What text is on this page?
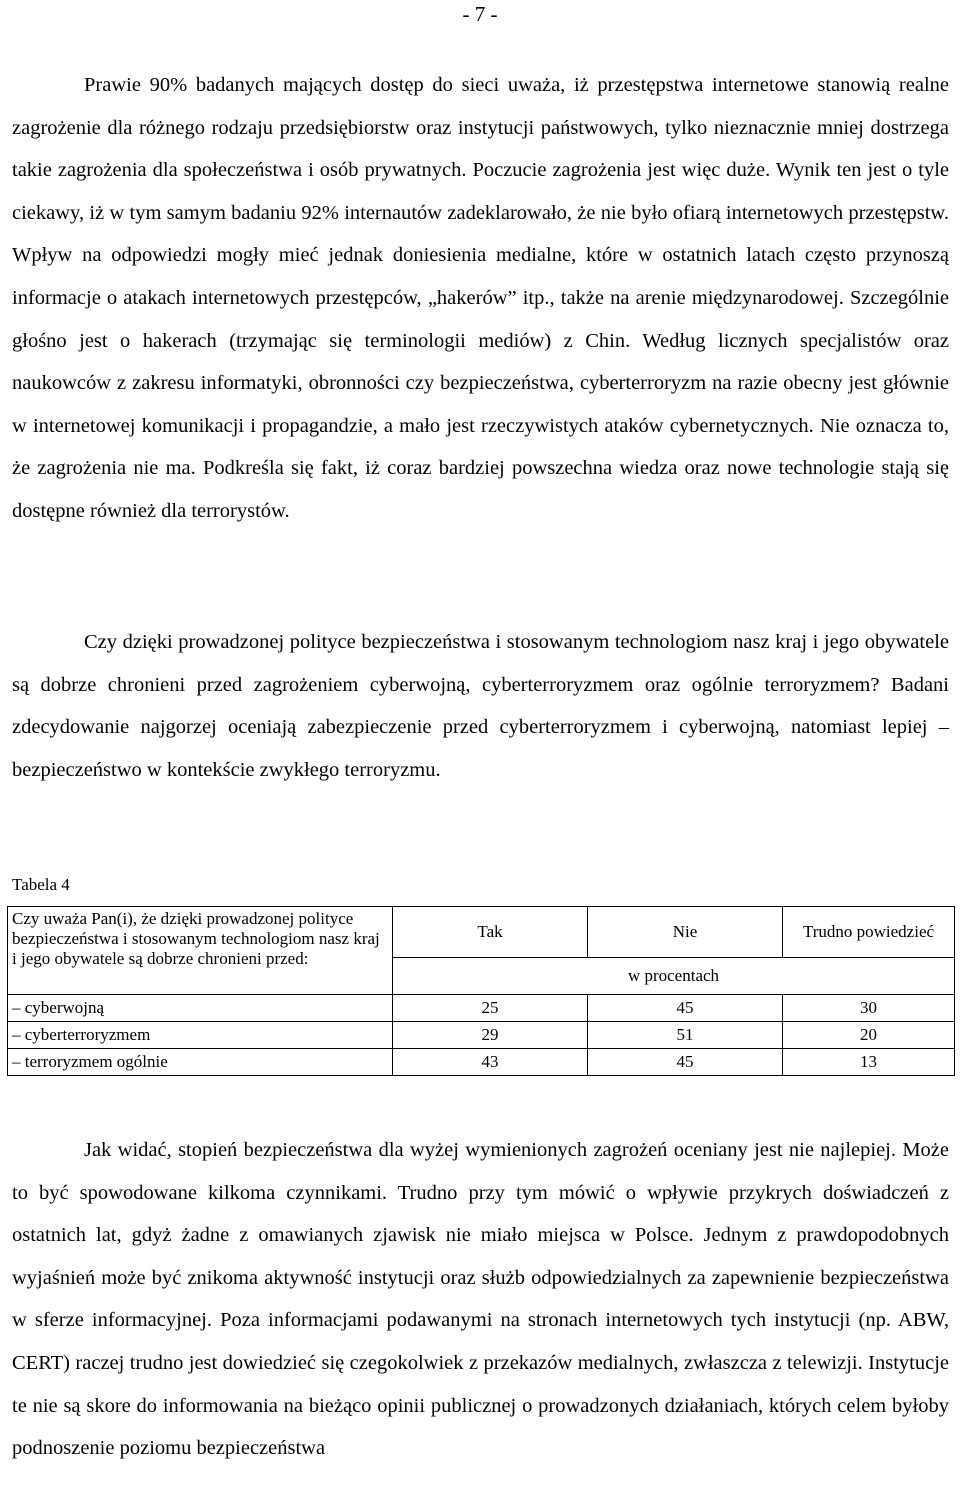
- 7 -

Prawie 90% badanych mających dostęp do sieci uważa, iż przestępstwa internetowe stanowią realne zagrożenie dla różnego rodzaju przedsiębiorstw oraz instytucji państwowych, tylko nieznacznie mniej dostrzega takie zagrożenia dla społeczeństwa i osób prywatnych. Poczucie zagrożenia jest więc duże. Wynik ten jest o tyle ciekawy, iż w tym samym badaniu 92% internautów zadeklarowało, że nie było ofiarą internetowych przestępstw. Wpływ na odpowiedzi mogły mieć jednak doniesienia medialne, które w ostatnich latach często przynoszą informacje o atakach internetowych przestępców, „hakerów” itp., także na arenie międzynarodowej. Szczególnie głośno jest o hakerach (trzymając się terminologii mediów) z Chin. Według licznych specjalistów oraz naukowców z zakresu informatyki, obronności czy bezpieczeństwa, cyberterroryzm na razie obecny jest głównie w internetowej komunikacji i propagandzie, a mało jest rzeczywistych ataków cybernetycznych. Nie oznacza to, że zagrożenia nie ma. Podkreśla się fakt, iż coraz bardziej powszechna wiedza oraz nowe technologie stają się dostępne również dla terrorystów.

Czy dzięki prowadzonej polityce bezpieczeństwa i stosowanym technologiom nasz kraj i jego obywatele są dobrze chronieni przed zagrożeniem cyberwojną, cyberterroryzmem oraz ogólnie terroryzmem? Badani zdecydowanie najgorzej oceniają zabezpieczenie przed cyberterroryzmem i cyberwojną, natomiast lepiej – bezpieczeństwo w kontekście zwykłego terroryzmu.

Tabela 4
Czy uważa Pan(i), że dzięki prowadzonej polityce bezpieczeństwa i stosowanym technologiom nasz kraj i jego obywatele są dobrze chronieni przed:	Tak	Nie	Trudno powiedzieć
	w procentach		
– cyberwojną	25	45	30
– cyberterroryzmem	29	51	20
– terroryzmem ogólnie	43	45	13

Jak widać, stopień bezpieczeństwa dla wyżej wymienionych zagrożeń oceniany jest nie najlepiej. Może to być spowodowane kilkoma czynnikami. Trudno przy tym mówić o wpływie przykrych doświadczeń z ostatnich lat, gdyż żadne z omawianych zjawisk nie miało miejsca w Polsce. Jednym z prawdopodobnych wyjaśnień może być znikoma aktywność instytucji oraz służb odpowiedzialnych za zapewnienie bezpieczeństwa w sferze informacyjnej. Poza informacjami podawanymi na stronach internetowych tych instytucji (np. ABW, CERT) raczej trudno jest dowiedzieć się czegokolwiek z przekazów medialnych, zwłaszcza z telewizji. Instytucje te nie są skore do informowania na bieżąco opinii publicznej o prowadzonych działaniach, których celem byłoby podnoszenie poziomu bezpieczeństwa
